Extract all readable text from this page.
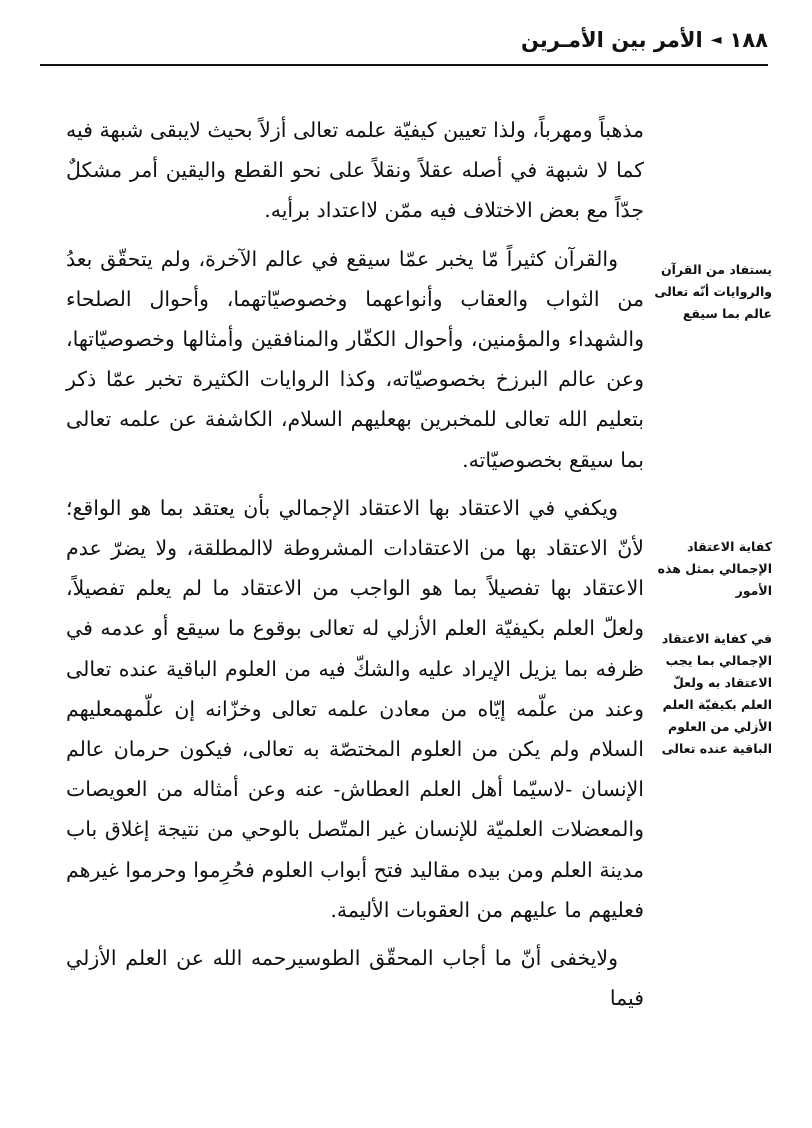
١٨٨
◄
الأمر بين الأمـرين

مذهباً ومهرباً، ولذا تعيين كيفيّة علمه تعالى أزلاً بحيث لايبقى شبهة فيه كما لا شبهة في أصله عقلاً ونقلاً على نحو القطع واليقين أمر مشكلٌ جدّاً مع بعض الاختلاف فيه ممّن لااعتداد برأيه.

والقرآن كثيراً مّا يخبر عمّا سيقع في عالم الآخرة، ولم يتحقّق بعدُ من الثواب والعقاب وأنواعهما وخصوصيّاتهما، وأحوال الصلحاء والشهداء والمؤمنين، وأحوال الكفّار والمنافقين وأمثالها وخصوصيّاتها، وعن عالم البرزخ بخصوصيّاته، وكذا الروايات الكثيرة تخبر عمّا ذكر بتعليم الله تعالى للمخبرين بهعليهم السلام، الكاشفة عن علمه تعالى بما سيقع بخصوصيّاته.

ويكفي في الاعتقاد بها الاعتقاد الإجمالي بأن يعتقد بما هو الواقع؛ لأنّ الاعتقاد بها من الاعتقادات المشروطة لاالمطلقة، ولا يضرّ عدم الاعتقاد بها تفصيلاً بما هو الواجب من الاعتقاد ما لم يعلم تفصيلاً، ولعلّ العلم بكيفيّة العلم الأزلي له تعالى بوقوع ما سيقع أو عدمه في ظرفه بما يزيل الإيراد عليه والشكّ فيه من العلوم الباقية عنده تعالى وعند من علّمه إيّاه من معادن علمه تعالى وخزّانه إن علّمهمعليهم السلام ولم يكن من العلوم المختصّة به تعالى، فيكون حرمان عالم الإنسان -لاسيّما أهل العلم العطاش- عنه وعن أمثاله من العويصات والمعضلات العلميّة للإنسان غير المتّصل بالوحي من نتيجة إغلاق باب مدينة العلم ومن بيده مقاليد فتح أبواب العلوم فحُرِموا وحرموا غيرهم فعليهم ما عليهم من العقوبات الأليمة.

ولايخفى أنّ ما أجاب المحقّق الطوسيرحمه الله عن العلم الأزلي فيما

يستفاد من القرآن والروايات أنّه تعالى عالم بما سيقع
كفاية الاعتقاد الإجمالي بمثل هذه الأمور
في كفاية الاعتقاد الإجمالي بما يجب الاعتقاد به ولعلّ العلم بكيفيّة العلم الأزلي من العلوم الباقية عنده تعالى
